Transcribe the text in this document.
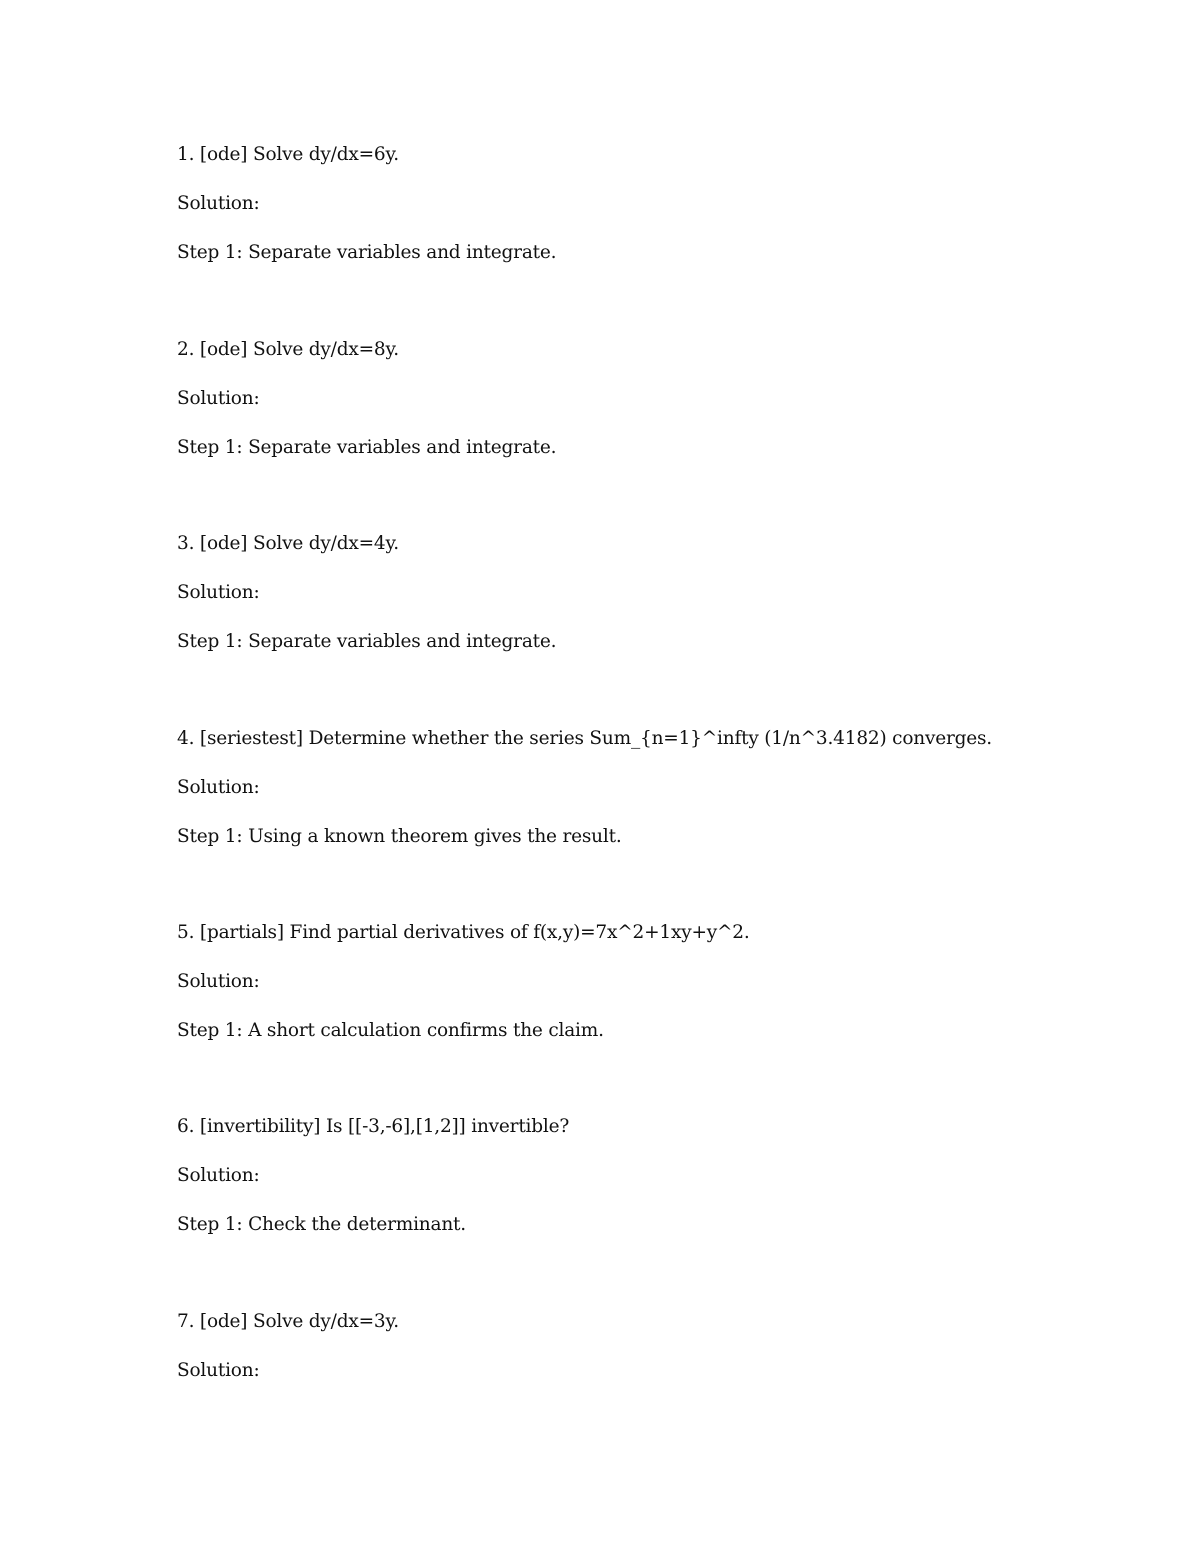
1. [ode] Solve dy/dx=6y.
Solution:
Step 1: Separate variables and integrate.
2. [ode] Solve dy/dx=8y.
Solution:
Step 1: Separate variables and integrate.
3. [ode] Solve dy/dx=4y.
Solution:
Step 1: Separate variables and integrate.
4. [seriestest] Determine whether the series Sum_{n=1}^infty (1/n^3.4182) converges.
Solution:
Step 1: Using a known theorem gives the result.
5. [partials] Find partial derivatives of f(x,y)=7x^2+1xy+y^2.
Solution:
Step 1: A short calculation confirms the claim.
6. [invertibility] Is [[-3,-6],[1,2]] invertible?
Solution:
Step 1: Check the determinant.
7. [ode] Solve dy/dx=3y.
Solution:
